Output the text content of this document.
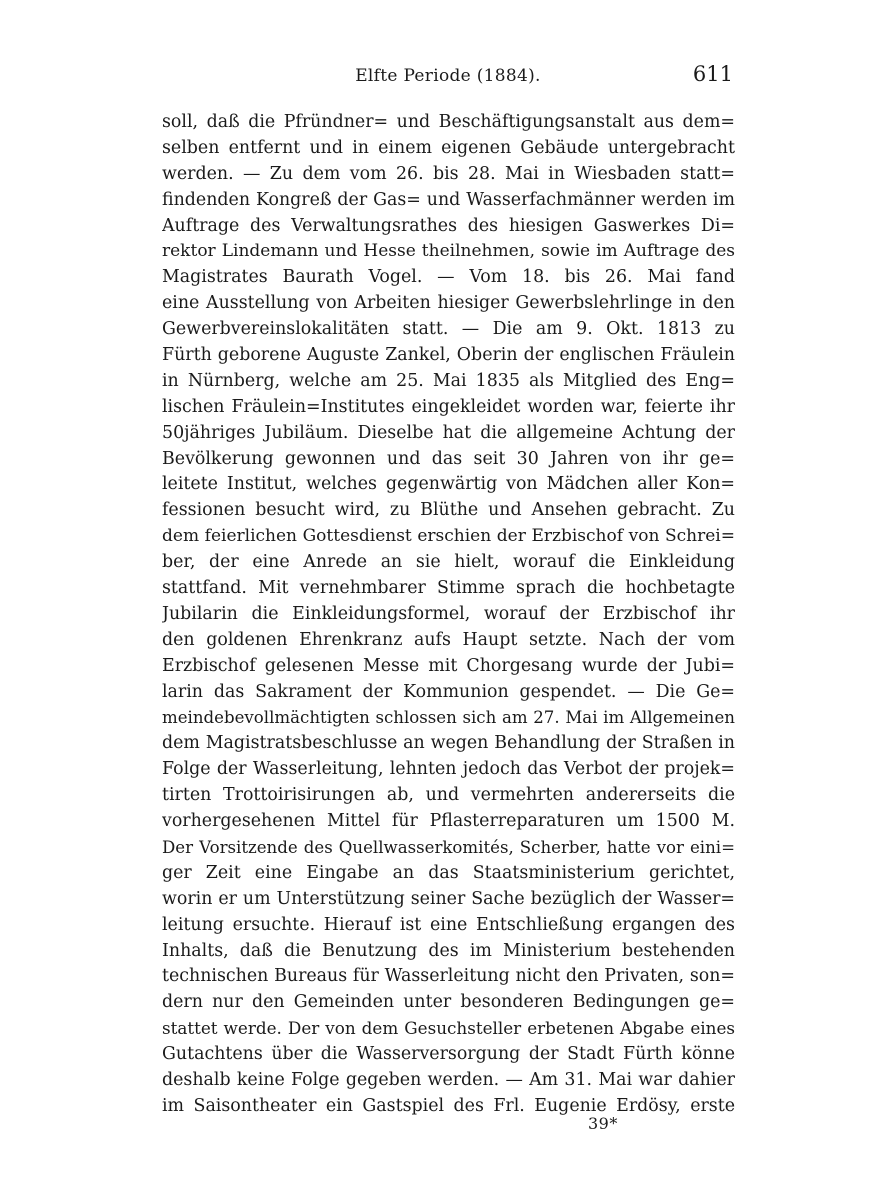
Elfte Periode (1884).	611
soll, daß die Pfründner= und Beschäftigungsanstalt aus dem=
selben entfernt und in einem eigenen Gebäude untergebracht
werden. — Zu dem vom 26. bis 28. Mai in Wiesbaden statt=
findenden Kongreß der Gas= und Wasserfachmänner werden im
Auftrage des Verwaltungsrathes des hiesigen Gaswerkes Di=
rektor Lindemann und Hesse theilnehmen, sowie im Auftrage des
Magistrates Baurath Vogel. — Vom 18. bis 26. Mai fand
eine Ausstellung von Arbeiten hiesiger Gewerbslehrlinge in den
Gewerbvereinslokalitäten statt. — Die am 9. Okt. 1813 zu
Fürth geborene Auguste Zankel, Oberin der englischen Fräulein
in Nürnberg, welche am 25. Mai 1835 als Mitglied des Eng=
lischen Fräulein=Institutes eingekleidet worden war, feierte ihr
50jähriges Jubiläum. Dieselbe hat die allgemeine Achtung der
Bevölkerung gewonnen und das seit 30 Jahren von ihr ge=
leitete Institut, welches gegenwärtig von Mädchen aller Kon=
fessionen besucht wird, zu Blüthe und Ansehen gebracht. Zu
dem feierlichen Gottesdienst erschien der Erzbischof von Schrei=
ber, der eine Anrede an sie hielt, worauf die Einkleidung
stattfand. Mit vernehmbarer Stimme sprach die hochbetagte
Jubilarin die Einkleidungsformel, worauf der Erzbischof ihr
den goldenen Ehrenkranz aufs Haupt setzte. Nach der vom
Erzbischof gelesenen Messe mit Chorgesang wurde der Jubi=
larin das Sakrament der Kommunion gespendet. — Die Ge=
meindebevollmächtigten schlossen sich am 27. Mai im Allgemeinen
dem Magistratsbeschlusse an wegen Behandlung der Straßen in
Folge der Wasserleitung, lehnten jedoch das Verbot der projek=
tirten Trottoirisirungen ab, und vermehrten andererseits die
vorhergesehenen Mittel für Pflasterreparaturen um 1500 M.
Der Vorsitzende des Quellwasserkomités, Scherber, hatte vor eini=
ger Zeit eine Eingabe an das Staatsministerium gerichtet,
worin er um Unterstützung seiner Sache bezüglich der Wasser=
leitung ersuchte. Hierauf ist eine Entschließung ergangen des
Inhalts, daß die Benutzung des im Ministerium bestehenden
technischen Bureaus für Wasserleitung nicht den Privaten, son=
dern nur den Gemeinden unter besonderen Bedingungen ge=
stattet werde. Der von dem Gesuchsteller erbetenen Abgabe eines
Gutachtens über die Wasserversorgung der Stadt Fürth könne
deshalb keine Folge gegeben werden. — Am 31. Mai war dahier
im Saisontheater ein Gastspiel des Frl. Eugenie Erdösy, erste
39*
